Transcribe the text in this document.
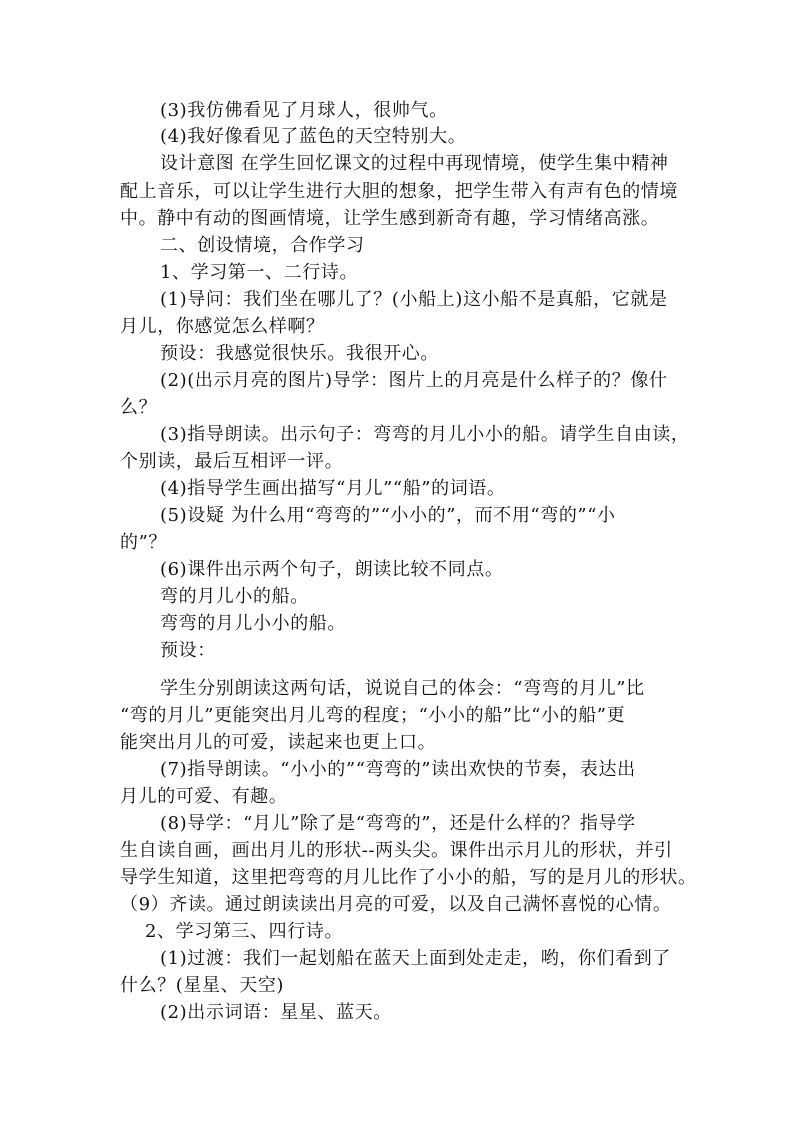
(3)我仿佛看见了月球人，很帅气。
(4)我好像看见了蓝色的天空特别大。
设计意图 在学生回忆课文的过程中再现情境，使学生集中精神
配上音乐，可以让学生进行大胆的想象，把学生带入有声有色的情境
中。静中有动的图画情境，让学生感到新奇有趣，学习情绪高涨。
二、创设情境，合作学习
1、学习第一、二行诗。
(1)导问：我们坐在哪儿了？(小船上)这小船不是真船，它就是
月儿，你感觉怎么样啊？
预设：我感觉很快乐。我很开心。
(2)(出示月亮的图片)导学：图片上的月亮是什么样子的？像什
么？
(3)指导朗读。出示句子：弯弯的月儿小小的船。请学生自由读，
个别读，最后互相评一评。
(4)指导学生画出描写“月儿”“船”的词语。
(5)设疑 为什么用“弯弯的”“小小的”，而不用“弯的”“小
的”？
(6)课件出示两个句子，朗读比较不同点。
弯的月儿小的船。
弯弯的月儿小小的船。
预设：
学生分别朗读这两句话，说说自己的体会：“弯弯的月儿”比
“弯的月儿”更能突出月儿弯的程度；“小小的船”比“小的船”更
能突出月儿的可爱，读起来也更上口。
(7)指导朗读。“小小的”“弯弯的”读出欢快的节奏，表达出
月儿的可爱、有趣。
(8)导学：“月儿”除了是“弯弯的”，还是什么样的？指导学
生自读自画，画出月儿的形状--两头尖。课件出示月儿的形状，并引
导学生知道，这里把弯弯的月儿比作了小小的船，写的是月儿的形状。
（9）齐读。通过朗读读出月亮的可爱，以及自己满怀喜悦的心情。
2、学习第三、四行诗。
(1)过渡：我们一起划船在蓝天上面到处走走，哟，你们看到了
什么？(星星、天空)
(2)出示词语：星星、蓝天。
